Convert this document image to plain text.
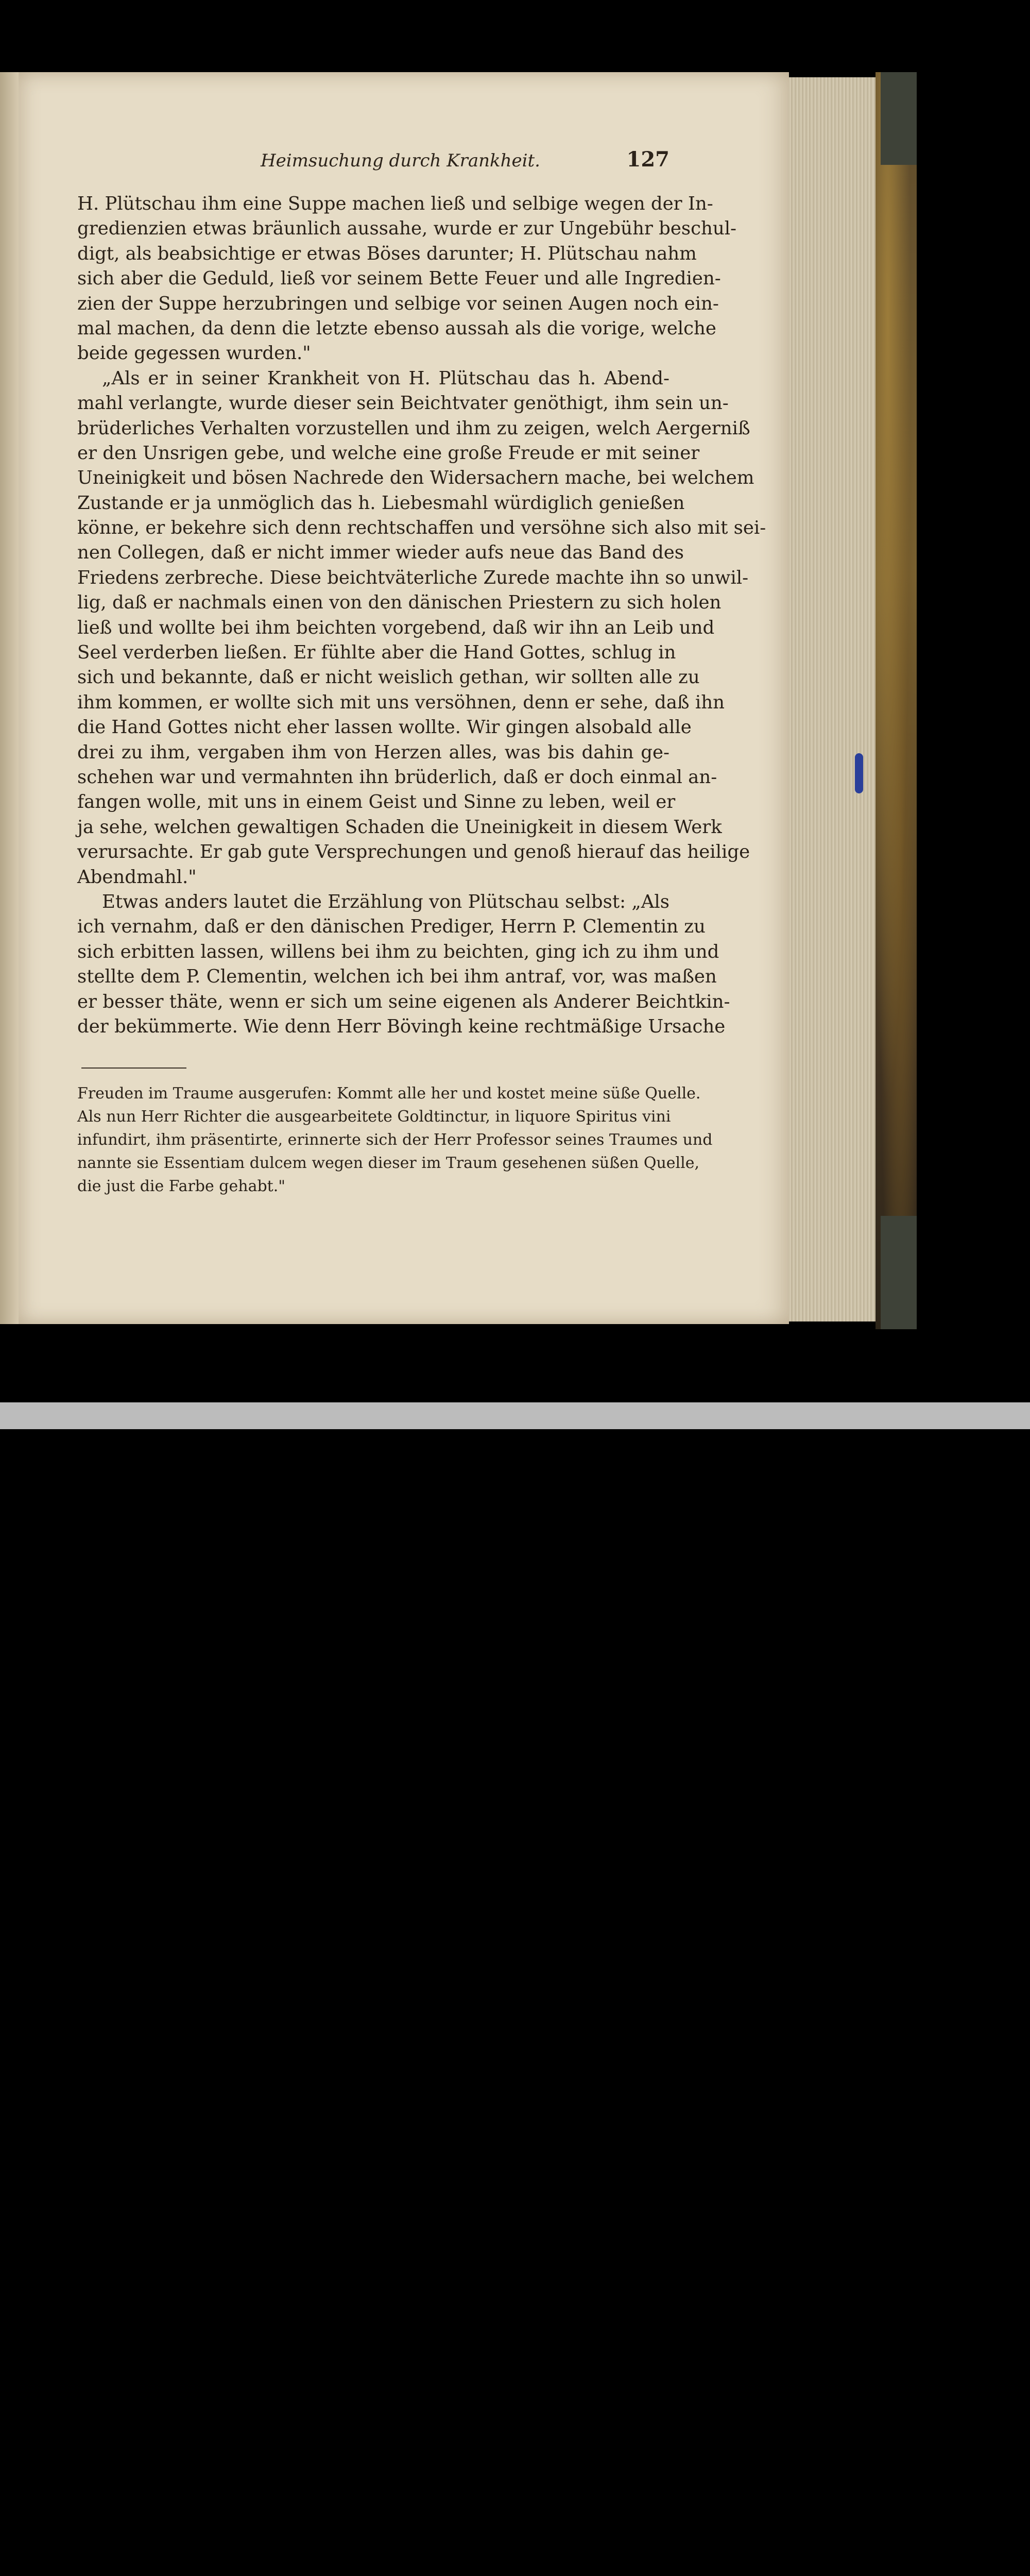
Heimsuchung durch Krankheit.	127
H. Plütschau ihm eine Suppe machen ließ und selbige wegen der In-
gredienzien etwas bräunlich aussahe, wurde er zur Ungebühr beschul-
digt, als beabsichtige er etwas Böses darunter; H. Plütschau nahm
sich aber die Geduld, ließ vor seinem Bette Feuer und alle Ingredien-
zien der Suppe herzubringen und selbige vor seinen Augen noch ein-
mal machen, da denn die letzte ebenso aussah als die vorige, welche
beide gegessen wurden."
„Als er in seiner Krankheit von H. Plütschau das h. Abend-
mahl verlangte, wurde dieser sein Beichtvater genöthigt, ihm sein un-
brüderliches Verhalten vorzustellen und ihm zu zeigen, welch Aergerniß
er den Unsrigen gebe, und welche eine große Freude er mit seiner
Uneinigkeit und bösen Nachrede den Widersachern mache, bei welchem
Zustande er ja unmöglich das h. Liebesmahl würdiglich genießen
könne, er bekehre sich denn rechtschaffen und versöhne sich also mit sei-
nen Collegen, daß er nicht immer wieder aufs neue das Band des
Friedens zerbreche. Diese beichtväterliche Zurede machte ihn so unwil-
lig, daß er nachmals einen von den dänischen Priestern zu sich holen
ließ und wollte bei ihm beichten vorgebend, daß wir ihn an Leib und
Seel verderben ließen. Er fühlte aber die Hand Gottes, schlug in
sich und bekannte, daß er nicht weislich gethan, wir sollten alle zu
ihm kommen, er wollte sich mit uns versöhnen, denn er sehe, daß ihn
die Hand Gottes nicht eher lassen wollte. Wir gingen alsobald alle
drei zu ihm, vergaben ihm von Herzen alles, was bis dahin ge-
schehen war und vermahnten ihn brüderlich, daß er doch einmal an-
fangen wolle, mit uns in einem Geist und Sinne zu leben, weil er
ja sehe, welchen gewaltigen Schaden die Uneinigkeit in diesem Werk
verursachte. Er gab gute Versprechungen und genoß hierauf das heilige
Abendmahl."
Etwas anders lautet die Erzählung von Plütschau selbst: „Als
ich vernahm, daß er den dänischen Prediger, Herrn P. Clementin zu
sich erbitten lassen, willens bei ihm zu beichten, ging ich zu ihm und
stellte dem P. Clementin, welchen ich bei ihm antraf, vor, was maßen
er besser thäte, wenn er sich um seine eigenen als Anderer Beichtkin-
der bekümmerte. Wie denn Herr Bövingh keine rechtmäßige Ursache
Freuden im Traume ausgerufen: Kommt alle her und kostet meine süße Quelle.
Als nun Herr Richter die ausgearbeitete Goldtinctur, in liquore Spiritus vini
infundirt, ihm präsentirte, erinnerte sich der Herr Professor seines Traumes und
nannte sie Essentiam dulcem wegen dieser im Traum gesehenen süßen Quelle,
die just die Farbe gehabt."
